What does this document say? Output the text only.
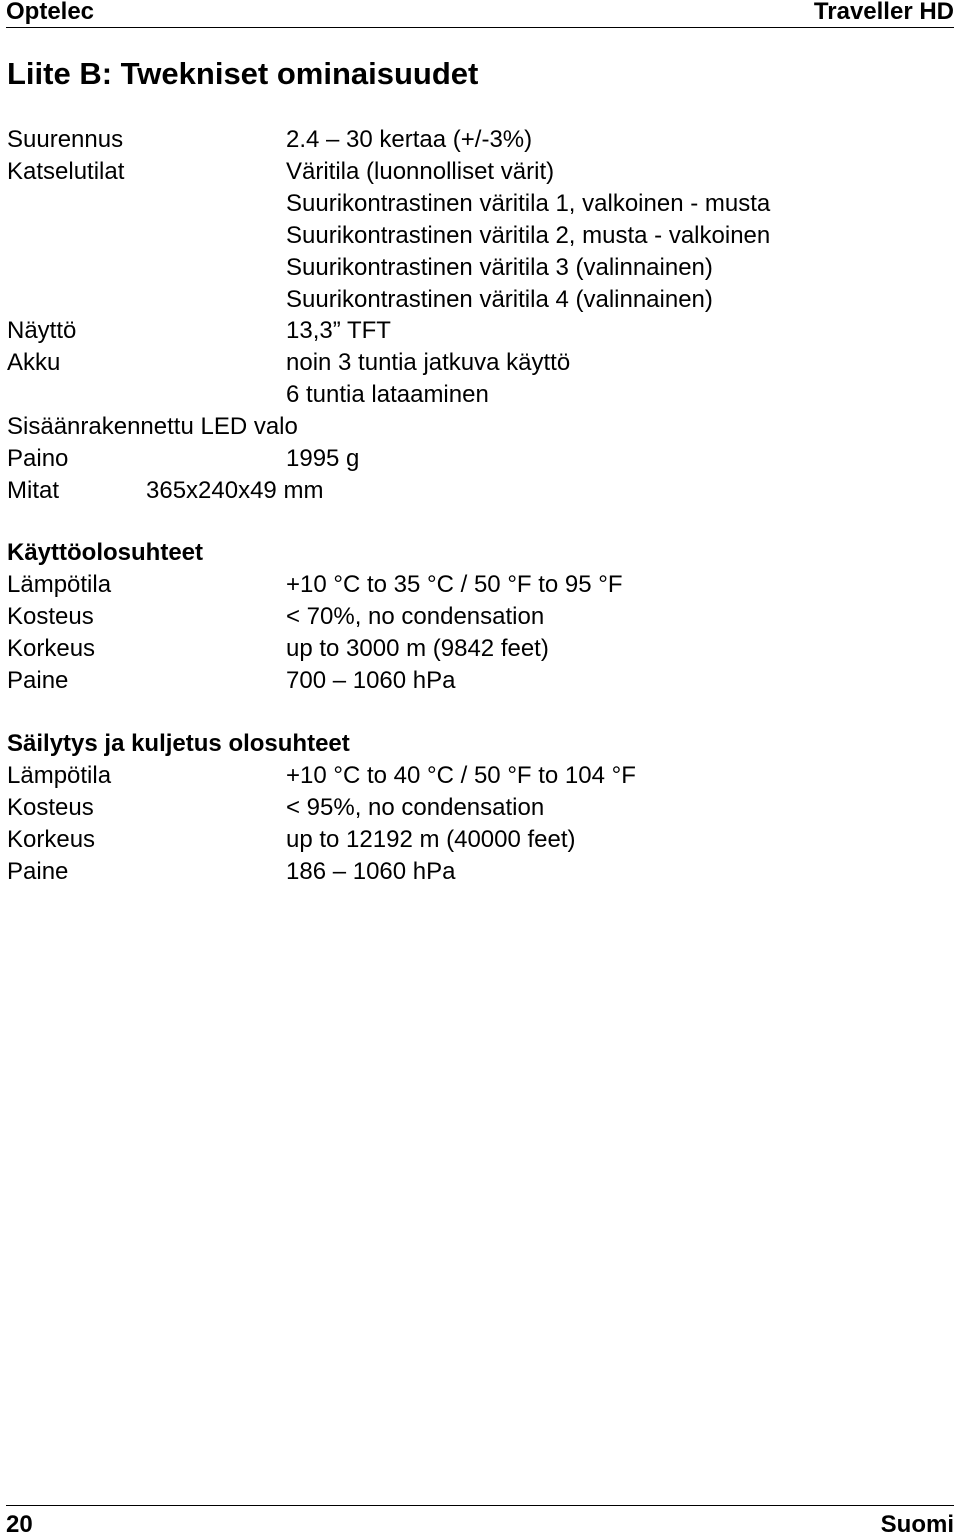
Optelec	Traveller HD
Liite B: Twekniset ominaisuudet
Suurennus	2.4 – 30 kertaa (+/-3%)
Katselutilat	Väritila (luonnolliset värit)
Suurikontrastinen väritila 1, valkoinen - musta
Suurikontrastinen väritila 2, musta - valkoinen
Suurikontrastinen väritila 3 (valinnainen)
Suurikontrastinen väritila 4 (valinnainen)
Näyttö	13,3” TFT
Akku	noin 3 tuntia jatkuva käyttö
6 tuntia lataaminen
Sisäänrakennettu LED valo
Paino	1995 g
Mitat	365x240x49 mm
Käyttöolosuhteet
Lämpötila	+10 °C to 35 °C / 50 °F to 95 °F
Kosteus	< 70%, no condensation
Korkeus	up to 3000 m (9842 feet)
Paine	700 – 1060 hPa
Säilytys ja kuljetus olosuhteet
Lämpötila	+10 °C to 40 °C / 50 °F to 104 °F
Kosteus	< 95%, no condensation
Korkeus	up to 12192 m (40000 feet)
Paine	186 – 1060 hPa
20	Suomi
